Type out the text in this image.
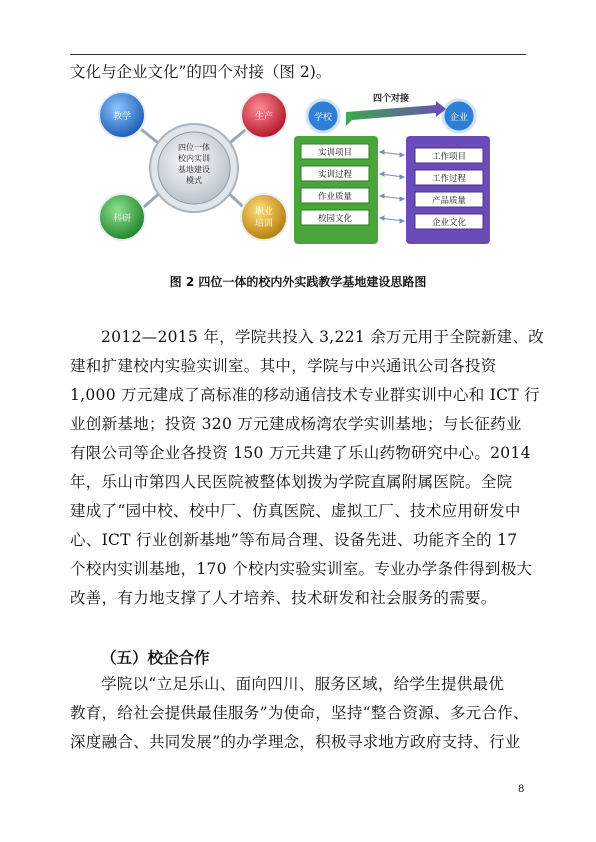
文化与企业文化”的四个对接（图 2)。
四位一体
校内实训
基地建设
模式
教学	生产
科研
职业
培训
学校	企业
四个对接
实训项目
实训过程
作业质量
校园文化
工作项目
工作过程
产品质量
企业文化
图 2 四位一体的校内外实践教学基地建设思路图
2012—2015 年，学院共投入 3,221 余万元用于全院新建、改
建和扩建校内实验实训室。其中，学院与中兴通讯公司各投资
1,000 万元建成了高标准的移动通信技术专业群实训中心和 ICT 行
业创新基地；投资 320 万元建成杨湾农学实训基地；与长征药业
有限公司等企业各投资 150 万元共建了乐山药物研究中心。2014
年，乐山市第四人民医院被整体划拨为学院直属附属医院。全院
建成了“园中校、校中厂、仿真医院、虚拟工厂、技术应用研发中
心、ICT 行业创新基地”等布局合理、设备先进、功能齐全的 17
个校内实训基地，170 个校内实验实训室。专业办学条件得到极大
改善，有力地支撑了人才培养、技术研发和社会服务的需要。
（五）校企合作
学院以“立足乐山、面向四川、服务区域，给学生提供最优
教育，给社会提供最佳服务”为使命，坚持“整合资源、多元合作、
深度融合、共同发展”的办学理念，积极寻求地方政府支持、行业
8
